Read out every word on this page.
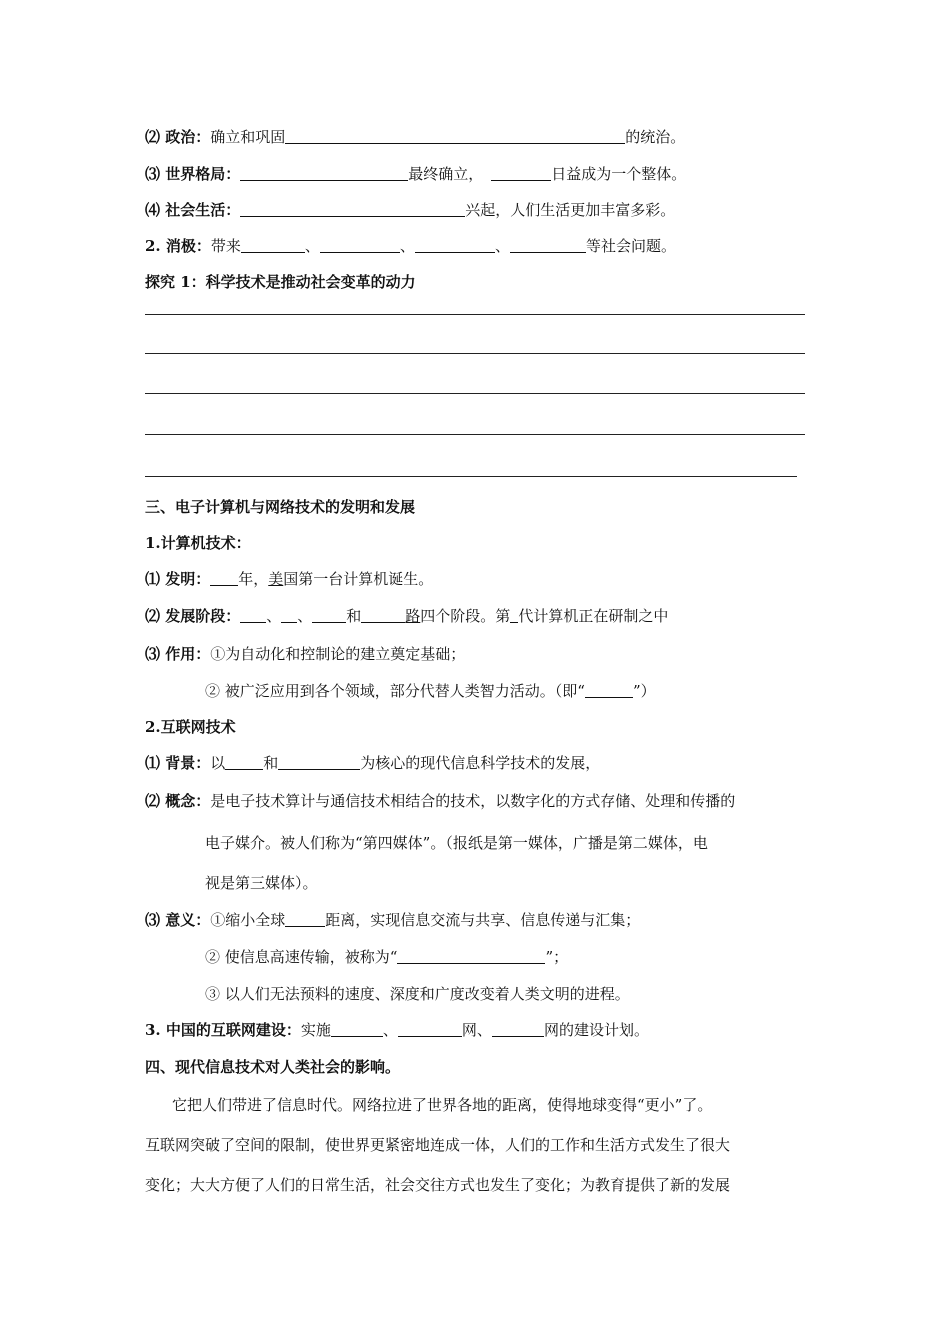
⑵ 政治：确立和巩固	的统治。
⑶ 世界格局：	最终确立，	日益成为一个整体。
⑷ 社会生活：	兴起，人们生活更加丰富多彩。
2. 消极：带来	、	、	、	等社会问题。
探究 1：科学技术是推动社会变革的动力
三、电子计算机与网络技术的发明和发展
1.计算机技术：
⑴ 发明： 年，美国第一台计算机诞生。
⑵ 发展阶段： 、 、 和	路四个阶段。第 代计算机正在研制之中
⑶ 作用：①为自动化和控制论的建立奠定基础；
② 被广泛应用到各个领域，部分代替人类智力活动。（即“	”）
2.互联网技术
⑴ 背景：以	和	为核心的现代信息科学技术的发展，
⑵ 概念：是电子技术算计与通信技术相结合的技术，以数字化的方式存储、处理和传播的
电子媒介。被人们称为“第四媒体”。（报纸是第一媒体，广播是第二媒体，电
视是第三媒体）。
⑶ 意义：①缩小全球	距离，实现信息交流与共享、信息传递与汇集；
② 使信息高速传输，被称为“	”；
③ 以人们无法预料的速度、深度和广度改变着人类文明的进程。
3. 中国的互联网建设：实施	、	网、	网的建设计划。
四、现代信息技术对人类社会的影响。
它把人们带进了信息时代。网络拉进了世界各地的距离，使得地球变得“更小”了。
互联网突破了空间的限制，使世界更紧密地连成一体，人们的工作和生活方式发生了很大
变化；大大方便了人们的日常生活，社会交往方式也发生了变化；为教育提供了新的发展
